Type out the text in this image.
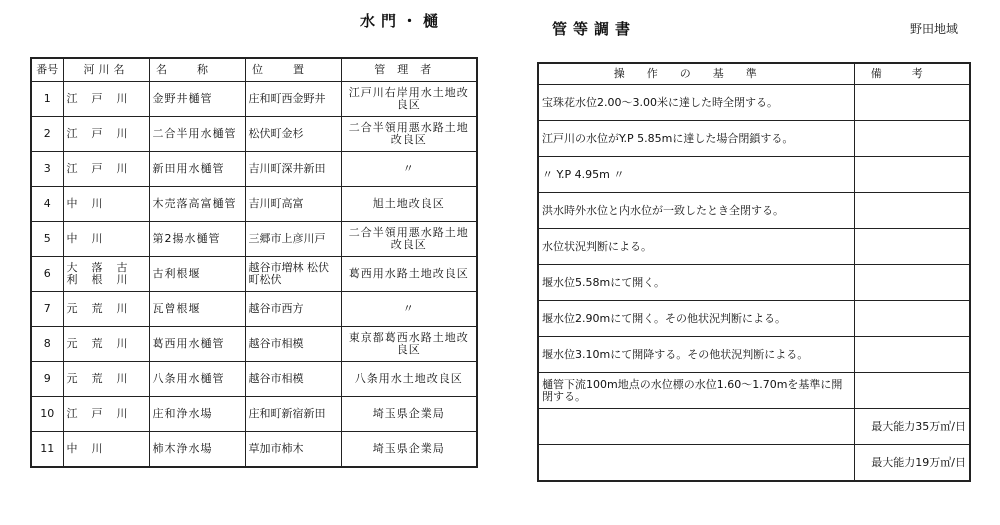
水門・樋
番号	河川名	名称	位置	管理者
1	江戸川	金野井樋管	庄和町西金野井	江戸川右岸用水土地改良区
2	江戸川	二合半用水樋管	松伏町金杉	二合半領用悪水路土地改良区
3	江戸川	新田用水樋管	吉川町深井新田	〃
4	中川	木売落高富樋管	吉川町高富	旭土地改良区
5	中川	第2揚水樋管	三郷市上彦川戸	二合半領用悪水路土地改良区
6	大落古利根川	古利根堰	越谷市増林 松伏町松伏	葛西用水路土地改良区
7	元荒川	瓦曾根堰	越谷市西方	〃
8	元荒川	葛西用水樋管	越谷市相模	東京都葛西水路土地改良区
9	元荒川	八条用水樋管	越谷市相模	八条用水土地改良区
10	江戸川	庄和浄水場	庄和町新宿新田	埼玉県企業局
11	中川	柿木浄水場	草加市柿木	埼玉県企業局
管等調書	野田地域
操作の基準	備考
宝珠花水位2.00～3.00米に達した時全閉する。	
江戸川の水位がY.P 5.85mに達した場合閉鎖する。	
〃 Y.P 4.95m 〃	
洪水時外水位と内水位が一致したとき全閉する。	
水位状況判断による。	
堰水位5.58mにて開く。	
堰水位2.90mにて開く。その他状況判断による。	
堰水位3.10mにて開降する。その他状況判断による。	
樋管下流100m地点の水位標の水位1.60～1.70mを基準に開閉する。	
	最大能力35万㎥/日
	最大能力19万㎥/日
